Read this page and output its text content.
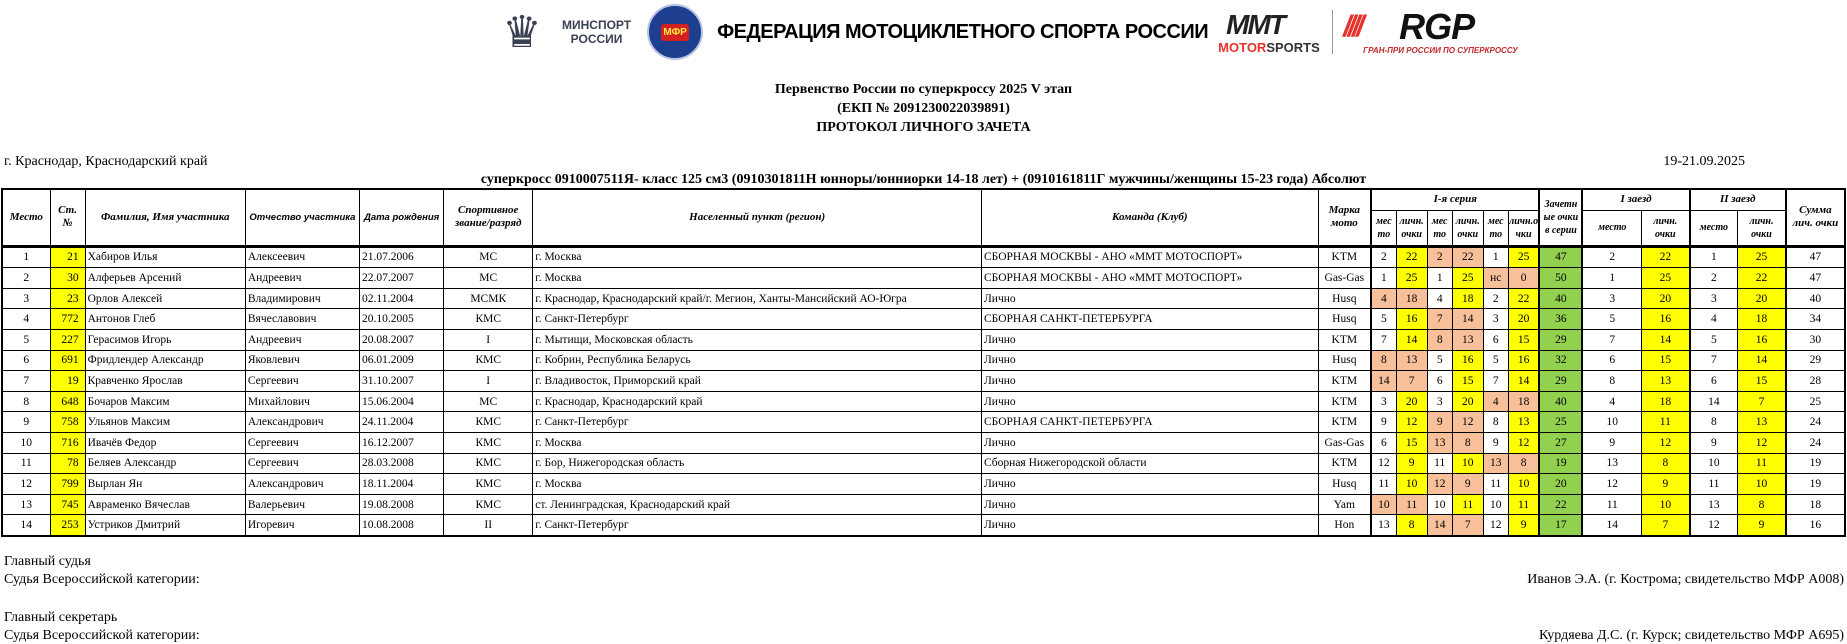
♛	МИНСПОРТ
РОССИИ	МФР ФЕДЕРАЦИЯ МОТОЦИКЛЕТНОГО СПОРТА РОССИИ MMT
MOTORSPORTS
////	RGP
ГРАН-ПРИ РОССИИ ПО СУПЕРКРОССУ
Первенство России по суперкроссу 2025 V этап
(ЕКП № 2091230022039891)
ПРОТОКОЛ ЛИЧНОГО ЗАЧЕТА
г. Краснодар, Краснодарский край	19-21.09.2025
суперкросс 0910007511Я- класс 125 см3 (0910301811Н юнноры/юнниорки 14-18 лет) + (0910161811Г мужчины/женщины 15-23 года) Абсолют
Место	Ст. №	Фамилия, Имя участника	Отчество участника	Дата рождения	Спортивное звание/разряд	Населенный пункт (регион)	Команда (Клуб)	Марка мото	I-я серия						Зачетн ые очки в серии	I заезд		II заезд		Сумма лич. очки
									мес то	личн. очки	мес то	личн. очки	мес то	личн.о чки		место	личн. очки	место	личн. очки	
1	21	Хабиров Илья	Алексеевич	21.07.2006	МС	г. Москва	СБОРНАЯ МОСКВЫ - АНО «ММТ МОТОСПОРТ»	KTM	2	22	2	22	1	25	47	2	22	1	25	47
2	30	Алферьев Арсений	Андреевич	22.07.2007	МС	г. Москва	СБОРНАЯ МОСКВЫ - АНО «ММТ МОТОСПОРТ»	Gas-Gas	1	25	1	25	нс	0	50	1	25	2	22	47
3	23	Орлов Алексей	Владимирович	02.11.2004	МСМК	г. Краснодар, Краснодарский край/г. Мегион, Ханты-Мансийский АО-Югра	Лично	Husq	4	18	4	18	2	22	40	3	20	3	20	40
4	772	Антонов Глеб	Вячеславович	20.10.2005	КМС	г. Санкт-Петербург	СБОРНАЯ САНКТ-ПЕТЕРБУРГА	Husq	5	16	7	14	3	20	36	5	16	4	18	34
5	227	Герасимов Игорь	Андреевич	20.08.2007	I	г. Мытищи, Московская область	Лично	KTM	7	14	8	13	6	15	29	7	14	5	16	30
6	691	Фридлендер Александр	Яковлевич	06.01.2009	КМС	г. Кобрин, Республика Беларусь	Лично	Husq	8	13	5	16	5	16	32	6	15	7	14	29
7	19	Кравченко Ярослав	Сергеевич	31.10.2007	I	г. Владивосток, Приморский край	Лично	KTM	14	7	6	15	7	14	29	8	13	6	15	28
8	648	Бочаров Максим	Михайлович	15.06.2004	МС	г. Краснодар, Краснодарский край	Лично	KTM	3	20	3	20	4	18	40	4	18	14	7	25
9	758	Ульянов Максим	Александрович	24.11.2004	КМС	г. Санкт-Петербург	СБОРНАЯ САНКТ-ПЕТЕРБУРГА	KTM	9	12	9	12	8	13	25	10	11	8	13	24
10	716	Ивачёв Федор	Сергеевич	16.12.2007	КМС	г. Москва	Лично	Gas-Gas	6	15	13	8	9	12	27	9	12	9	12	24
11	78	Беляев Александр	Сергеевич	28.03.2008	КМС	г. Бор, Нижегородская область	Сборная Нижегородской области	KTM	12	9	11	10	13	8	19	13	8	10	11	19
12	799	Вырлан Ян	Александрович	18.11.2004	КМС	г. Москва	Лично	Husq	11	10	12	9	11	10	20	12	9	11	10	19
13	745	Авраменко Вячеслав	Валерьевич	19.08.2008	КМС	ст. Ленинградская, Краснодарский край	Лично	Yam	10	11	10	11	10	11	22	11	10	13	8	18
14	253	Устриков Дмитрий	Игоревич	10.08.2008	II	г. Санкт-Петербург	Лично	Hon	13	8	14	7	12	9	17	14	7	12	9	16
Главный судья
Судья Всероссийской категории:	Иванов Э.А. (г. Кострома; свидетельство МФР А008)
Главный секретарь
Судья Всероссийской категории:	Курдяева Д.С. (г. Курск; свидетельство МФР А695)
